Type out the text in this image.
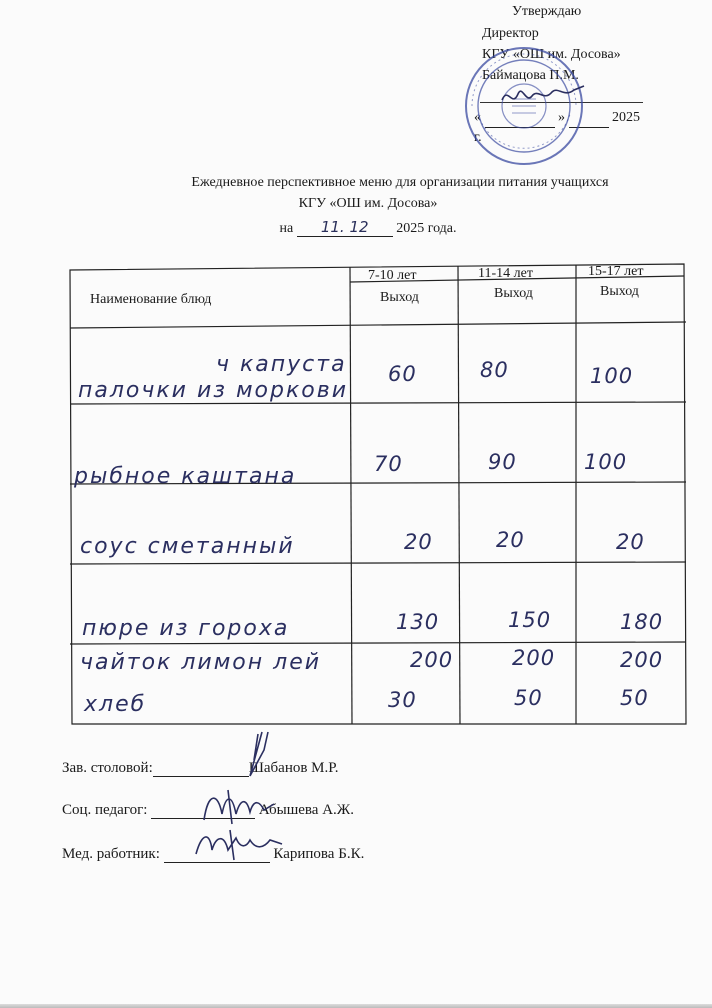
Утверждаю
Директор
КГУ «ОШ им. Досова»
Баймацова П.М.
«	»	2025 г.
Ежедневное перспективное меню для организации питания учащихся
КГУ «ОШ им. Досова»
на 11. 12 2025 года.
7-10 лет	11-14 лет	15-17 лет
Наименование блюд	Выход	Выход	Выход
ч капуста
палочки из моркови
60	80	100
рыбное каштана	70	90	100
соус сметанный	20	20	20
пюре из гороха	130	150	180
чайток лимон лей	200	200	200
хлеб	30	50	50
Зав. столовой:	Шабанов М.Р.
Соц. педагог:	Абышева А.Ж.
Мед. работник:	Карипова Б.К.
